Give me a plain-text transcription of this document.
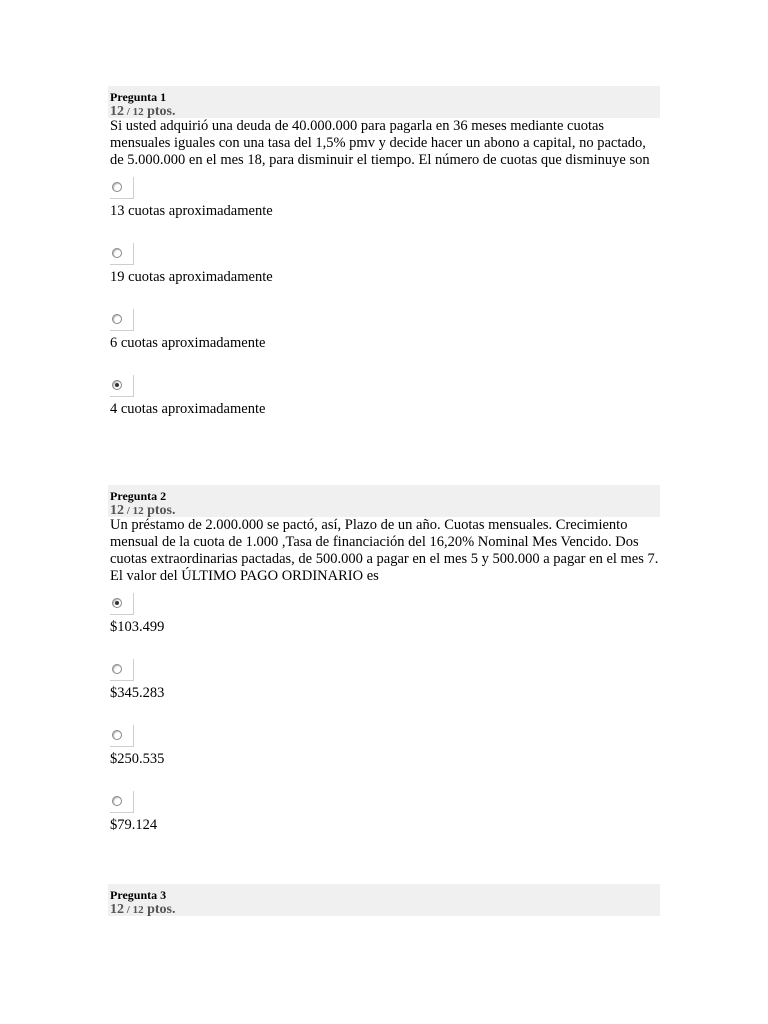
Pregunta 1
12 / 12 ptos.

Si usted adquirió una deuda de 40.000.000 para pagarla en 36 meses mediante cuotas mensuales iguales con una tasa del 1,5% pmv y decide hacer un abono a capital, no pactado, de 5.000.000 en el mes 18, para disminuir el tiempo. El número de cuotas que disminuye son

13 cuotas aproximadamente
19 cuotas aproximadamente
6 cuotas aproximadamente
4 cuotas aproximadamente
Pregunta 2
12 / 12 ptos.

Un préstamo de 2.000.000 se pactó, así, Plazo de un año. Cuotas mensuales. Crecimiento mensual de la cuota de 1.000 ,Tasa de financiación del 16,20% Nominal Mes Vencido. Dos cuotas extraordinarias pactadas, de 500.000 a pagar en el mes 5 y 500.000 a pagar en el mes 7. El valor del ÚLTIMO PAGO ORDINARIO es

$103.499
$345.283
$250.535
$79.124
Pregunta 3
12 / 12 ptos.
